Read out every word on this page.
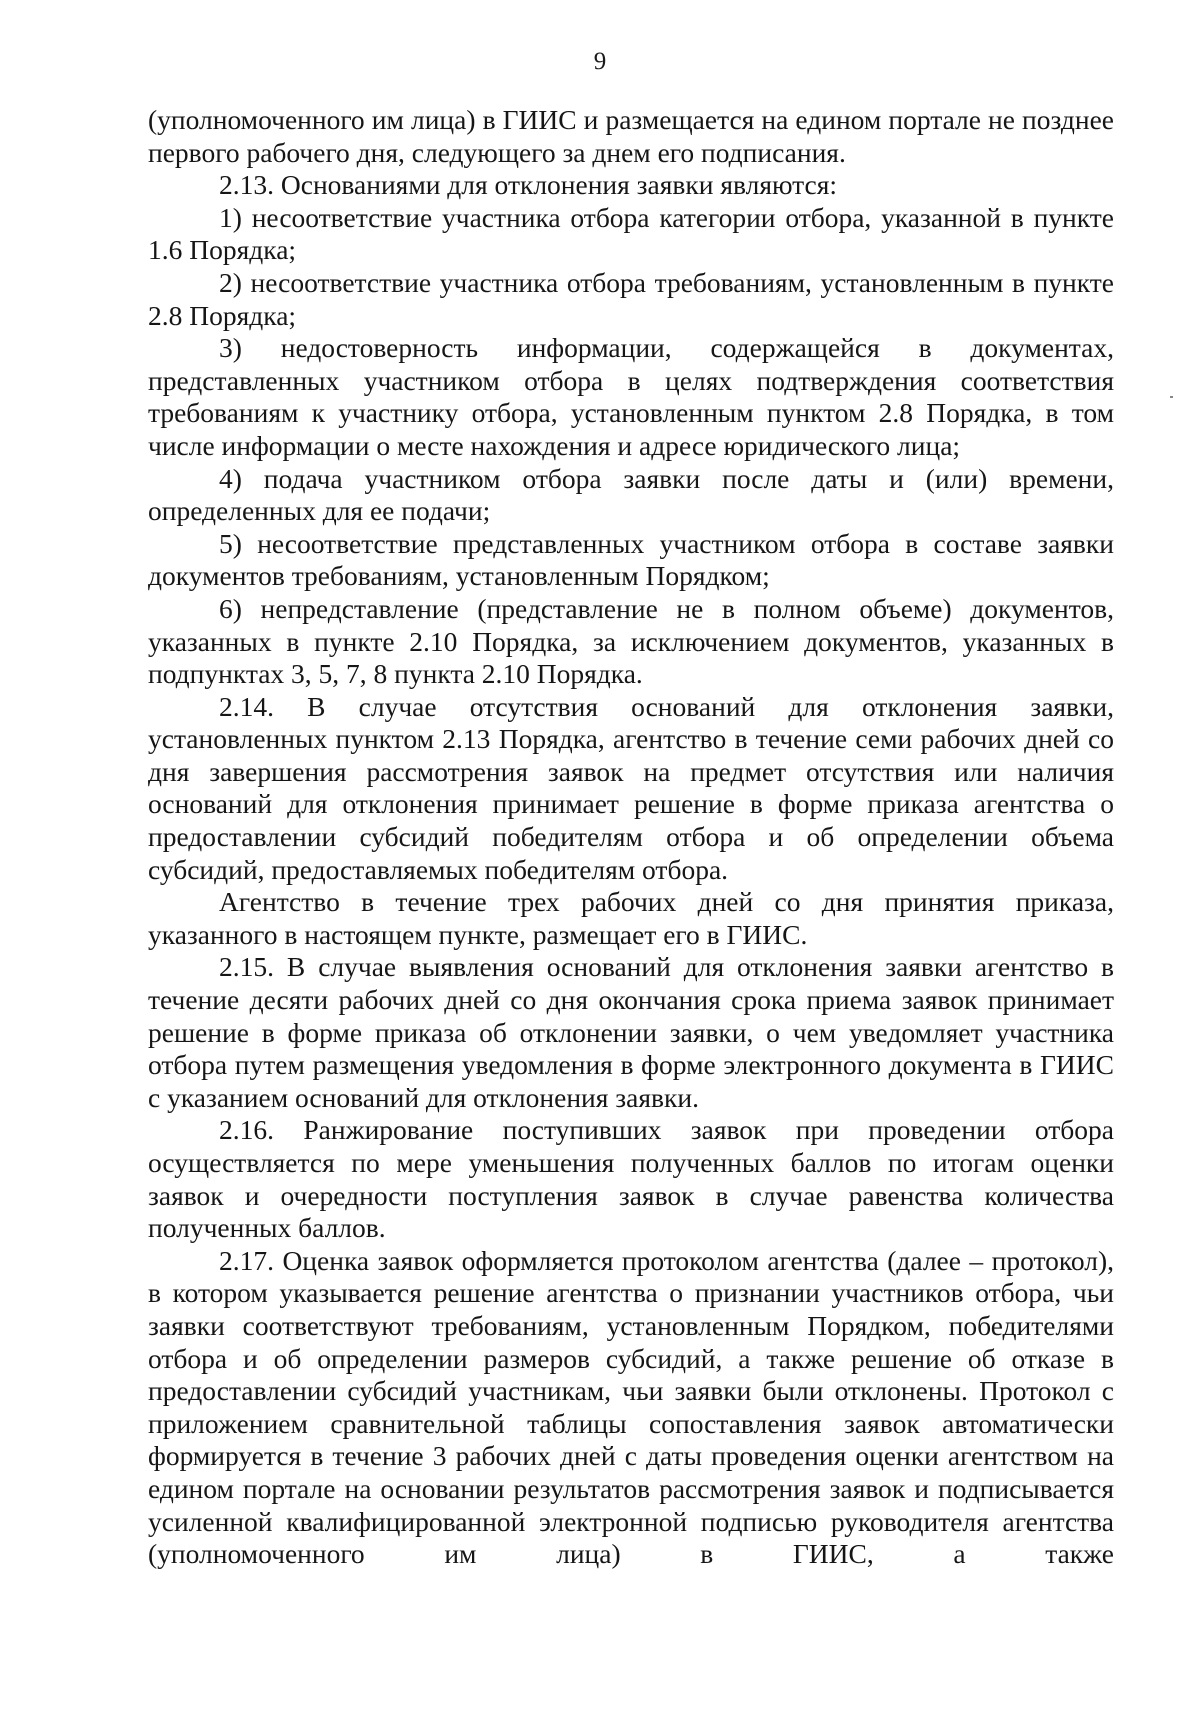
9

(уполномоченного им лица) в ГИИС и размещается на едином портале не позднее первого рабочего дня, следующего за днем его подписания.

2.13. Основаниями для отклонения заявки являются:

1) несоответствие участника отбора категории отбора, указанной в пункте 1.6 Порядка;

2) несоответствие участника отбора требованиям, установленным в пункте 2.8 Порядка;

3) недостоверность информации, содержащейся в документах, представленных участником отбора в целях подтверждения соответствия требованиям к участнику отбора, установленным пунктом 2.8 Порядка, в том числе информации о месте нахождения и адресе юридического лица;

4) подача участником отбора заявки после даты и (или) времени, определенных для ее подачи;

5) несоответствие представленных участником отбора в составе заявки документов требованиям, установленным Порядком;

6) непредставление (представление не в полном объеме) документов, указанных в пункте 2.10 Порядка, за исключением документов, указанных в подпунктах 3, 5, 7, 8 пункта 2.10 Порядка.

2.14. В случае отсутствия оснований для отклонения заявки, установленных пунктом 2.13 Порядка, агентство в течение семи рабочих дней со дня завершения рассмотрения заявок на предмет отсутствия или наличия оснований для отклонения принимает решение в форме приказа агентства о предоставлении субсидий победителям отбора и об определении объема субсидий, предоставляемых победителям отбора.

Агентство в течение трех рабочих дней со дня принятия приказа, указанного в настоящем пункте, размещает его в ГИИС.

2.15. В случае выявления оснований для отклонения заявки агентство в течение десяти рабочих дней со дня окончания срока приема заявок принимает решение в форме приказа об отклонении заявки, о чем уведомляет участника отбора путем размещения уведомления в форме электронного документа в ГИИС с указанием оснований для отклонения заявки.

2.16. Ранжирование поступивших заявок при проведении отбора осуществляется по мере уменьшения полученных баллов по итогам оценки заявок и очередности поступления заявок в случае равенства количества полученных баллов.

2.17. Оценка заявок оформляется протоколом агентства (далее – протокол), в котором указывается решение агентства о признании участников отбора, чьи заявки соответствуют требованиям, установленным Порядком, победителями отбора и об определении размеров субсидий, а также решение об отказе в предоставлении субсидий участникам, чьи заявки были отклонены. Протокол с приложением сравнительной таблицы сопоставления заявок автоматически формируется в течение 3 рабочих дней с даты проведения оценки агентством на едином портале на основании результатов рассмотрения заявок и подписывается усиленной квалифицированной электронной подписью руководителя агентства (уполномоченного им лица) в ГИИС, а также
